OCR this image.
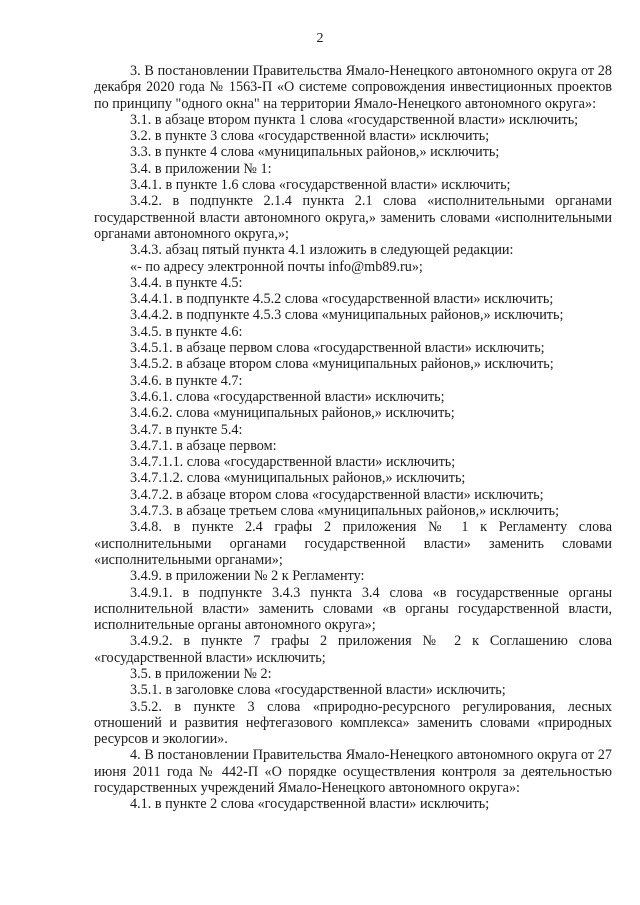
2

3. В постановлении Правительства Ямало-Ненецкого автономного округа от 28 декабря 2020 года № 1563-П «О системе сопровождения инвестиционных проектов по принципу "одного окна" на территории Ямало-Ненецкого автономного округа»:

3.1. в абзаце втором пункта 1 слова «государственной власти» исключить;

3.2. в пункте 3 слова «государственной власти» исключить;

3.3. в пункте 4 слова «муниципальных районов,» исключить;

3.4. в приложении № 1:

3.4.1. в пункте 1.6 слова «государственной власти» исключить;

3.4.2. в подпункте 2.1.4 пункта 2.1 слова «исполнительными органами государственной власти автономного округа,» заменить словами «исполнительными органами автономного округа,»;

3.4.3. абзац пятый пункта 4.1 изложить в следующей редакции:

«- по адресу электронной почты info@mb89.ru»;

3.4.4. в пункте 4.5:

3.4.4.1. в подпункте 4.5.2 слова «государственной власти» исключить;

3.4.4.2. в подпункте 4.5.3 слова «муниципальных районов,» исключить;

3.4.5. в пункте 4.6:

3.4.5.1. в абзаце первом слова «государственной власти» исключить;

3.4.5.2. в абзаце втором слова «муниципальных районов,» исключить;

3.4.6. в пункте 4.7:

3.4.6.1. слова «государственной власти» исключить;

3.4.6.2. слова «муниципальных районов,» исключить;

3.4.7. в пункте 5.4:

3.4.7.1. в абзаце первом:

3.4.7.1.1. слова «государственной власти» исключить;

3.4.7.1.2. слова «муниципальных районов,» исключить;

3.4.7.2. в абзаце втором слова «государственной власти» исключить;

3.4.7.3. в абзаце третьем слова «муниципальных районов,» исключить;

3.4.8. в пункте 2.4 графы 2 приложения № 1 к Регламенту слова «исполнительными органами государственной власти» заменить словами «исполнительными органами»;

3.4.9. в приложении № 2 к Регламенту:

3.4.9.1. в подпункте 3.4.3 пункта 3.4 слова «в государственные органы исполнительной власти» заменить словами «в органы государственной власти, исполнительные органы автономного округа»;

3.4.9.2. в пункте 7 графы 2 приложения № 2 к Соглашению слова «государственной власти» исключить;

3.5. в приложении № 2:

3.5.1. в заголовке слова «государственной власти» исключить;

3.5.2. в пункте 3 слова «природно-ресурсного регулирования, лесных отношений и развития нефтегазового комплекса» заменить словами «природных ресурсов и экологии».

4. В постановлении Правительства Ямало-Ненецкого автономного округа от 27 июня 2011 года № 442-П «О порядке осуществления контроля за деятельностью государственных учреждений Ямало-Ненецкого автономного округа»:

4.1. в пункте 2 слова «государственной власти» исключить;
